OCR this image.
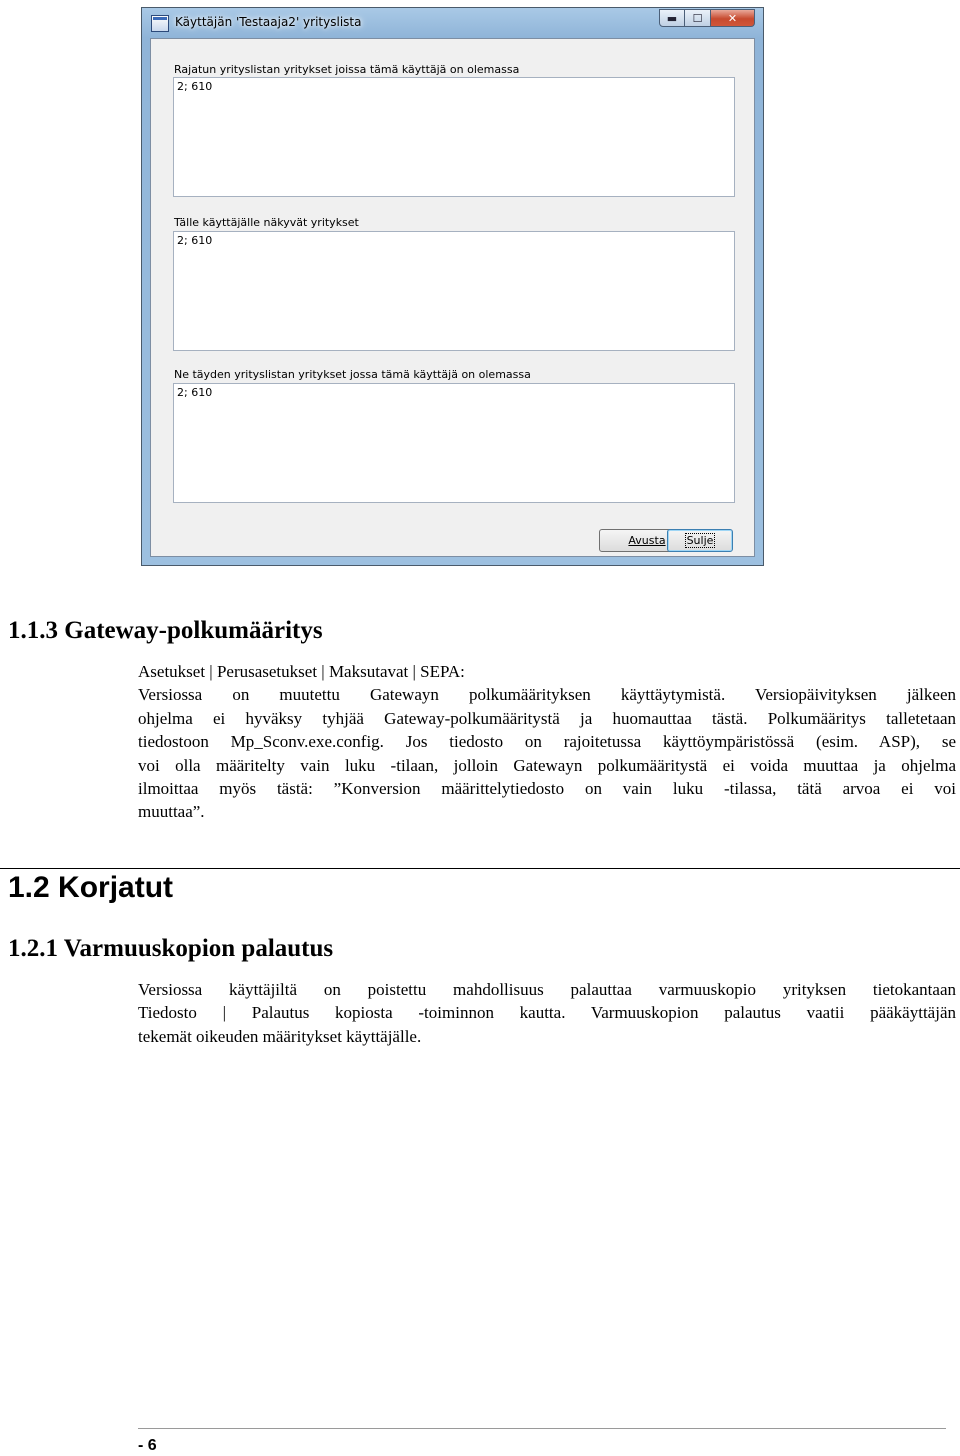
Käyttäjän 'Testaaja2' yrityslista	▬	☐	✕
Rajatun yrityslistan yritykset joissa tämä käyttäjä on olemassa
2; 610
Tälle käyttäjälle näkyvät yritykset
2; 610
Ne täyden yrityslistan yritykset jossa tämä käyttäjä on olemassa
2; 610
Avusta Sulje
1.1.3 Gateway-polkumääritys
Asetukset | Perusasetukset | Maksutavat | SEPA:
Versiossa on muutettu Gatewayn polkumäärityksen käyttäytymistä. Versiopäivityksen jälkeen
ohjelma ei hyväksy tyhjää Gateway-polkumääritystä ja huomauttaa tästä. Polkumääritys talletetaan
tiedostoon Mp_Sconv.exe.config. Jos tiedosto on rajoitetussa käyttöympäristössä (esim. ASP), se
voi olla määritelty vain luku -tilaan, jolloin Gatewayn polkumääritystä ei voida muuttaa ja ohjelma
ilmoittaa myös tästä: ”Konversion määrittelytiedosto on vain luku -tilassa, tätä arvoa ei voi
muuttaa”.
1.2 Korjatut
1.2.1 Varmuuskopion palautus
Versiossa käyttäjiltä on poistettu mahdollisuus palauttaa varmuuskopio yrityksen tietokantaan
Tiedosto | Palautus kopiosta -toiminnon kautta. Varmuuskopion palautus vaatii pääkäyttäjän
tekemät oikeuden määritykset käyttäjälle.
- 6
